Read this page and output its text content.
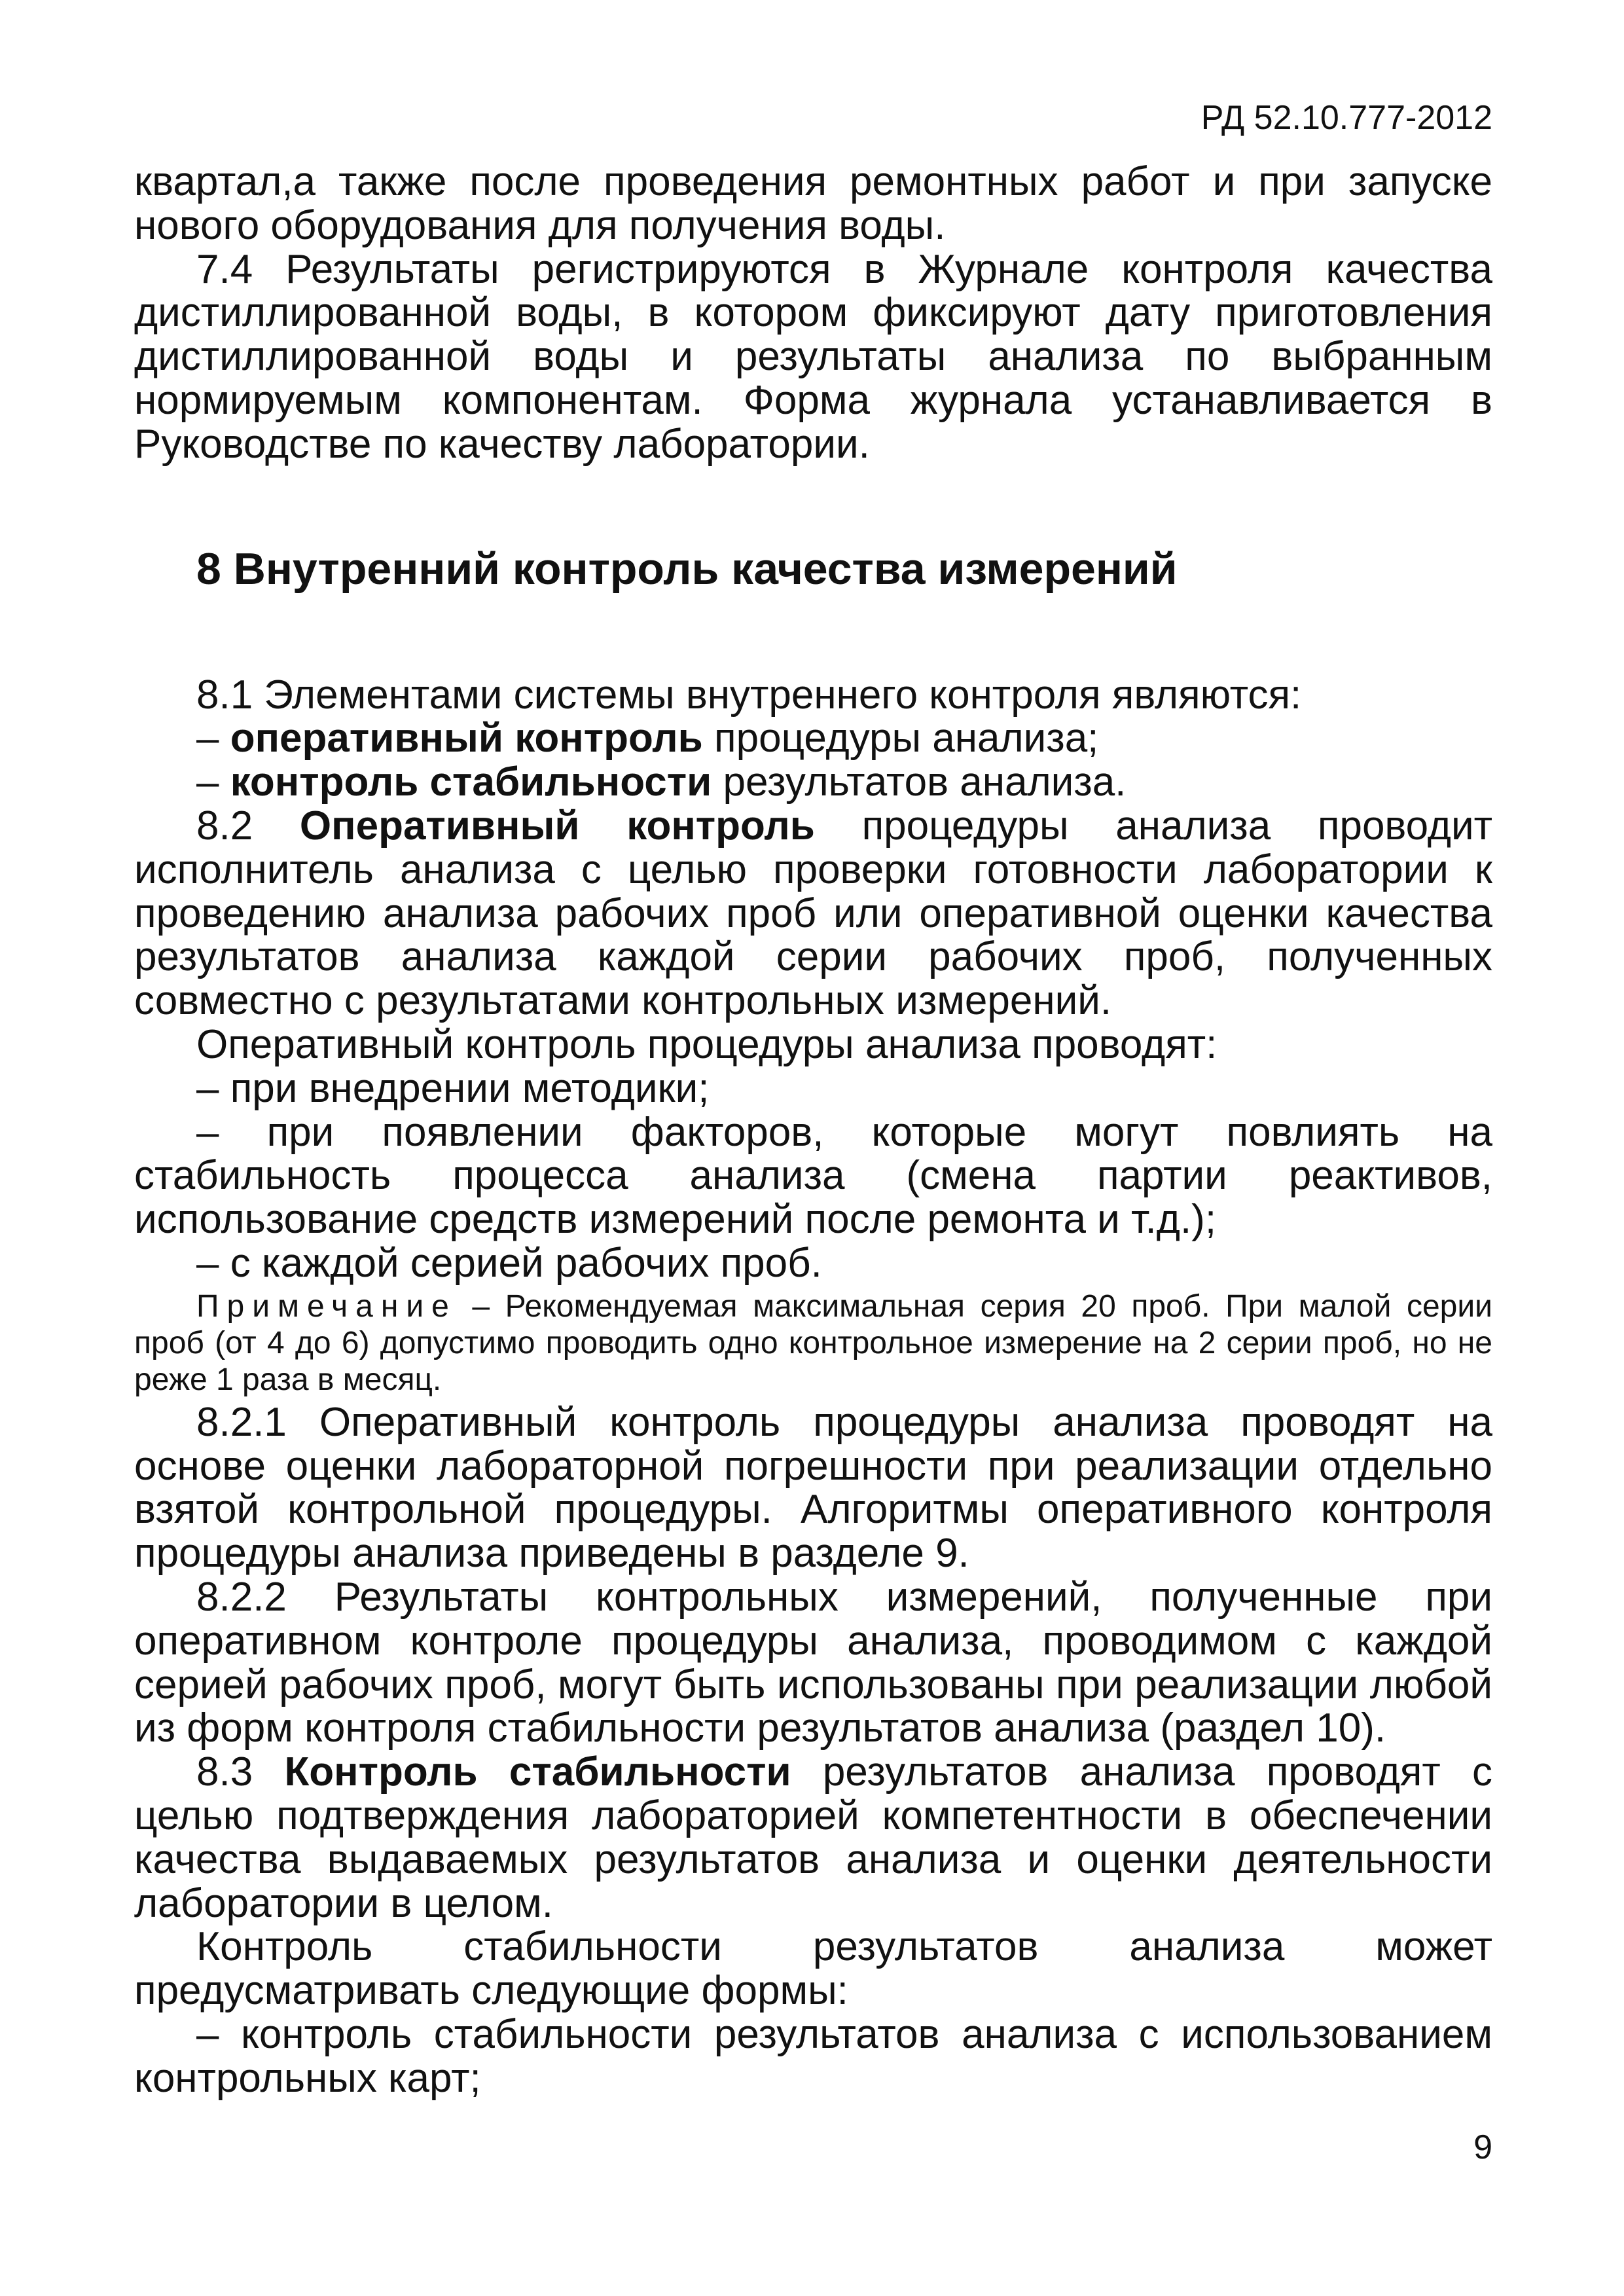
РД 52.10.777-2012

квартал,а также после проведения ремонтных работ и при запуске нового оборудования для получения воды.

7.4 Результаты регистрируются в Журнале контроля качества дистиллированной воды, в котором фиксируют дату приготовления дистиллированной воды и результаты анализа по выбранным нормируемым компонентам. Форма журнала устанавливается в Руководстве по качеству лаборатории.

8 Внутренний контроль качества измерений

8.1 Элементами системы внутреннего контроля являются:

– оперативный контроль процедуры анализа;

– контроль стабильности результатов анализа.

8.2 Оперативный контроль процедуры анализа проводит исполнитель анализа с целью проверки готовности лаборатории к проведению анализа рабочих проб или оперативной оценки качества результатов анализа каждой серии рабочих проб, полученных совместно с результатами контрольных измерений.

Оперативный контроль процедуры анализа проводят:

– при внедрении методики;

– при появлении факторов, которые могут повлиять на стабильность процесса анализа (смена партии реактивов, использование средств измерений после ремонта и т.д.);

– с каждой серией рабочих проб.

Примечание – Рекомендуемая максимальная серия 20 проб. При малой серии проб (от 4 до 6) допустимо проводить одно контрольное измерение на 2 серии проб, но не реже 1 раза в месяц.

8.2.1 Оперативный контроль процедуры анализа проводят на основе оценки лабораторной погрешности при реализации отдельно взятой контрольной процедуры. Алгоритмы оперативного контроля процедуры анализа приведены в разделе 9.

8.2.2 Результаты контрольных измерений, полученные при оперативном контроле процедуры анализа, проводимом с каждой серией рабочих проб, могут быть использованы при реализации любой из форм контроля стабильности результатов анализа (раздел 10).

8.3 Контроль стабильности результатов анализа проводят с целью подтверждения лабораторией компетентности в обеспечении качества выдаваемых результатов анализа и оценки деятельности лаборатории в целом.

Контроль стабильности результатов анализа может предусматривать следующие формы:

– контроль стабильности результатов анализа с использованием контрольных карт;

9
